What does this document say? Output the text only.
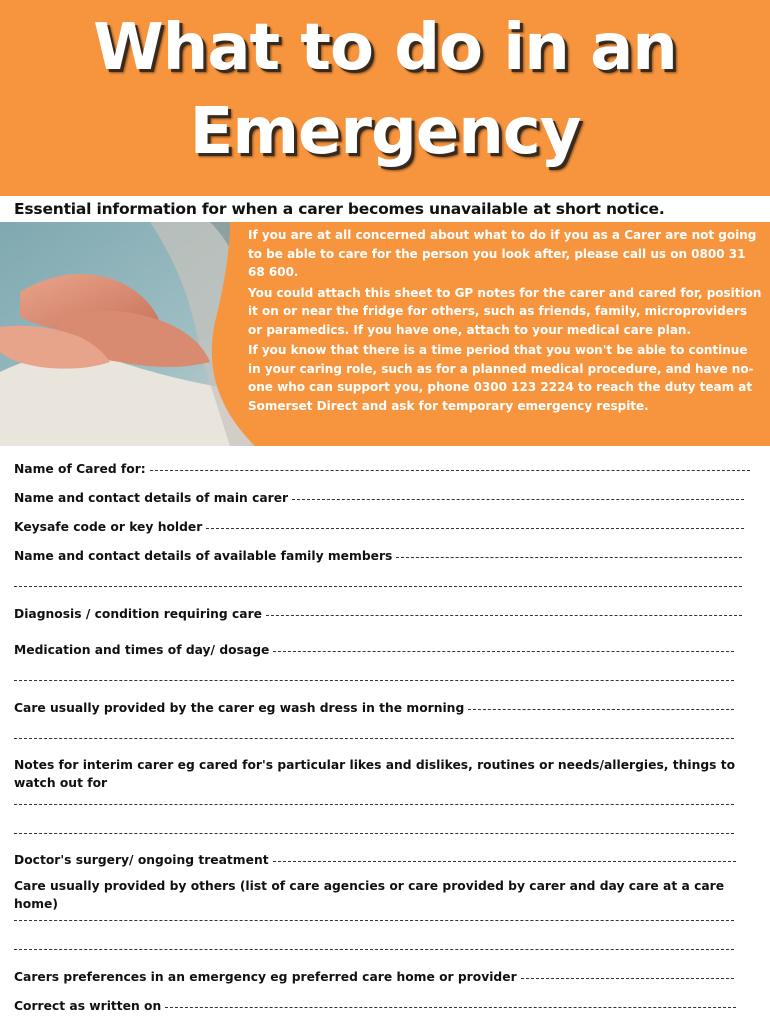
What to do in an
Emergency
Essential information for when a carer becomes unavailable at short notice.

If you are at all concerned about what to do if you as a Carer are not going to be able to care for the person you look after, please call us on 0800 31 68 600.

You could attach this sheet to GP notes for the carer and cared for, position it on or near the fridge for others, such as friends, family, microproviders or paramedics. If you have one, attach to your medical care plan.

If you know that there is a time period that you won't be able to continue in your caring role, such as for a planned medical procedure, and have no-one who can support you, phone 0300 123 2224 to reach the duty team at Somerset Direct and ask for temporary emergency respite.

Name of Cared for:
Name and contact details of main carer
Keysafe code or key holder
Name and contact details of available family members
Diagnosis / condition requiring care
Medication and times of day/ dosage
Care usually provided by the carer eg wash dress in the morning
Notes for interim carer eg cared for's particular likes and dislikes, routines or needs/allergies, things to watch out for
Doctor's surgery/ ongoing treatment
Care usually provided by others (list of care agencies or care provided by carer and day care at a care home)
Carers preferences in an emergency eg preferred care home or provider
Correct as written on
